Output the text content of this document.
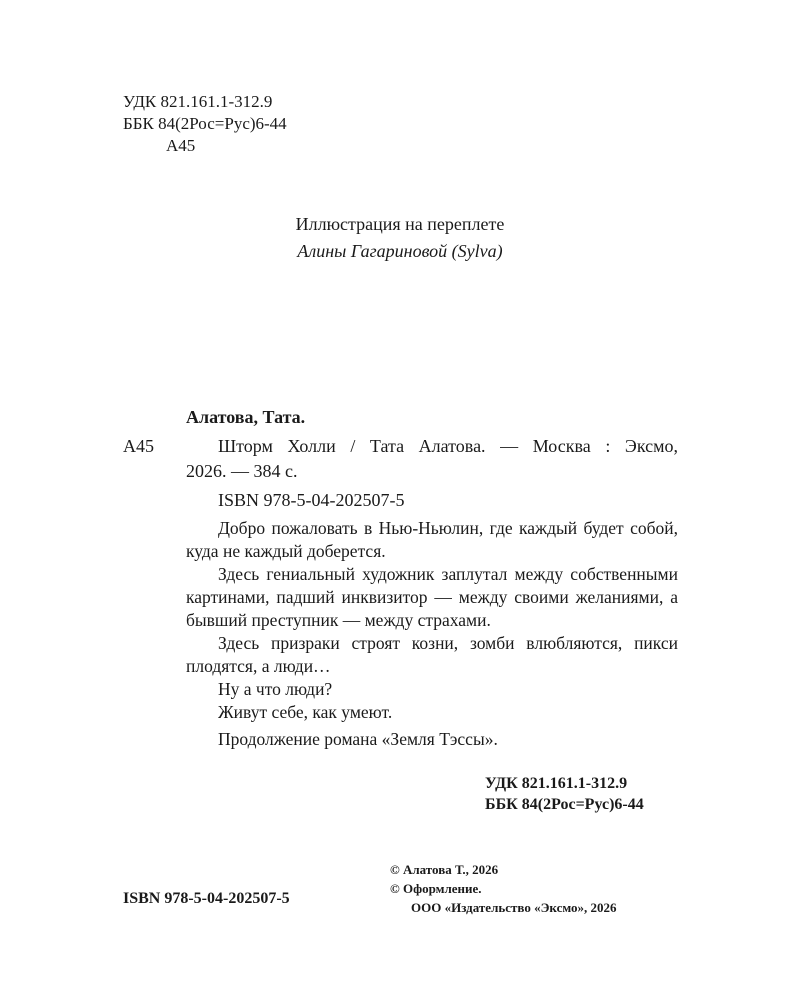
УДК 821.161.1-312.9
ББК 84(2Рос=Рус)6-44
А45
Иллюстрация на переплете
Алины Гагариновой (Sylva)
Алатова, Тата.
А45	Шторм Холли / Тата Алатова. — Москва : Эксмо,
2026. — 384 с.
ISBN 978-5-04-202507-5

Добро пожаловать в Нью-Ньюлин, где каждый будет собой, куда не каждый доберется.

Здесь гениальный художник заплутал между собственными картинами, падший инквизитор — между своими желаниями, а бывший преступник — между страхами.

Здесь призраки строят козни, зомби влюбляются, пикси плодятся, а люди…

Ну а что люди?

Живут себе, как умеют.

Продолжение романа «Земля Тэссы».

УДК 821.161.1-312.9
ББК 84(2Рос=Рус)6-44
© Алатова Т., 2026
© Оформление.
ООО «Издательство «Эксмо», 2026
ISBN 978-5-04-202507-5
